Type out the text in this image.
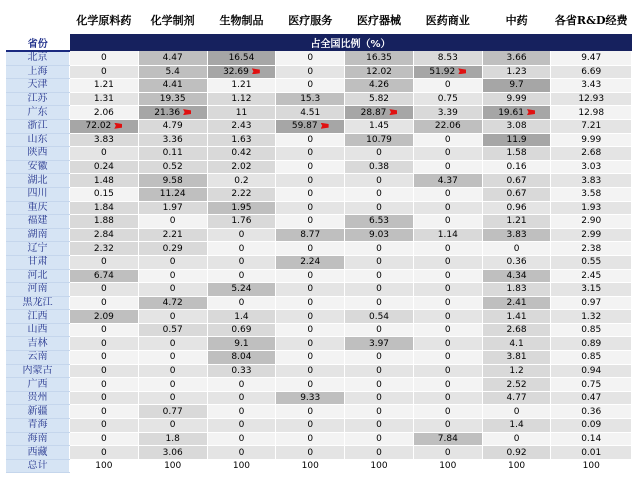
	化学原料药	化学制剂	生物制品	医疗服务	医疗器械	医药商业	中药	各省R&D经费
省份	占全国比例（%）							
北京	0	4.47	16.54	0	16.35	8.53	3.66	9.47
上海	0	5.4	32.69	0	12.02	51.92	1.23	6.69
天津	1.21	4.41	1.21	0	4.26	0	9.7	3.43
江苏	1.31	19.35	1.12	15.3	5.82	0.75	9.99	12.93
广东	2.06	21.36	11	4.51	28.87	3.39	19.61	12.98
浙江	72.02	4.79	2.43	59.87	1.45	22.06	3.08	7.21
山东	3.83	3.36	1.63	0	10.79	0	11.9	9.99
陕西	0	0.11	0.42	0	0	0	1.58	2.68
安徽	0.24	0.52	2.02	0	0.38	0	0.16	3.03
湖北	1.48	9.58	0.2	0	0	4.37	0.67	3.83
四川	0.15	11.24	2.22	0	0	0	0.67	3.58
重庆	1.84	1.97	1.95	0	0	0	0.96	1.93
福建	1.88	0	1.76	0	6.53	0	1.21	2.90
湖南	2.84	2.21	0	8.77	9.03	1.14	3.83	2.99
辽宁	2.32	0.29	0	0	0	0	0	2.38
甘肃	0	0	0	2.24	0	0	0.36	0.55
河北	6.74	0	0	0	0	0	4.34	2.45
河南	0	0	5.24	0	0	0	1.83	3.15
黑龙江	0	4.72	0	0	0	0	2.41	0.97
江西	2.09	0	1.4	0	0.54	0	1.41	1.32
山西	0	0.57	0.69	0	0	0	2.68	0.85
吉林	0	0	9.1	0	3.97	0	4.1	0.89
云南	0	0	8.04	0	0	0	3.81	0.85
内蒙古	0	0	0.33	0	0	0	1.2	0.94
广西	0	0	0	0	0	0	2.52	0.75
贵州	0	0	0	9.33	0	0	4.77	0.47
新疆	0	0.77	0	0	0	0	0	0.36
青海	0	0	0	0	0	0	1.4	0.09
海南	0	1.8	0	0	0	7.84	0	0.14
西藏	0	3.06	0	0	0	0	0.92	0.01
总计	100	100	100	100	100	100	100	100
